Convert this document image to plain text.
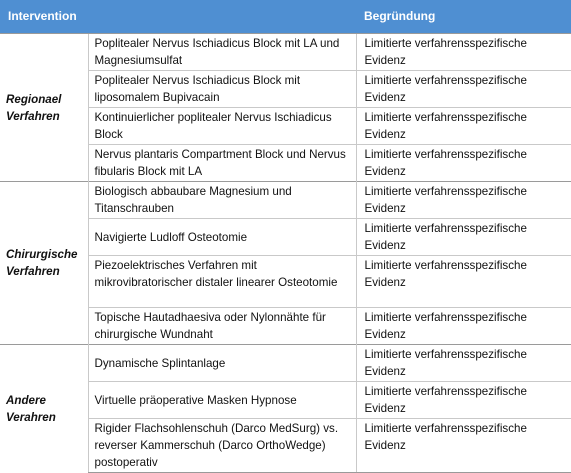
Intervention		Begründung
Regionael Verfahren	Poplitealer Nervus Ischiadicus Block mit LA und Magnesiumsulfat	Limitierte verfahrensspezifische Evidenz
	Poplitealer Nervus Ischiadicus Block mit liposomalem Bupivacain	Limitierte verfahrensspezifische Evidenz
	Kontinuierlicher poplitealer Nervus Ischiadicus Block	Limitierte verfahrensspezifische Evidenz
	Nervus plantaris Compartment Block und Nervus fibularis Block mit LA	Limitierte verfahrensspezifische Evidenz
Chirurgische Verfahren	Biologisch abbaubare Magnesium und Titanschrauben	Limitierte verfahrensspezifische Evidenz
	Navigierte Ludloff Osteotomie	Limitierte verfahrensspezifische Evidenz
	Piezoelektrisches Verfahren mit mikrovibratorischer distaler linearer Osteotomie	Limitierte verfahrensspezifische Evidenz
	Topische Hautadhaesiva oder Nylonnähte für chirurgische Wundnaht	Limitierte verfahrensspezifische Evidenz
Andere Verahren	Dynamische Splintanlage	Limitierte verfahrensspezifische Evidenz
	Virtuelle präoperative Masken Hypnose	Limitierte verfahrensspezifische Evidenz
	Rigider Flachsohlenschuh (Darco MedSurg) vs. reverser Kammerschuh (Darco OrthoWedge) postoperativ	Limitierte verfahrensspezifische Evidenz
